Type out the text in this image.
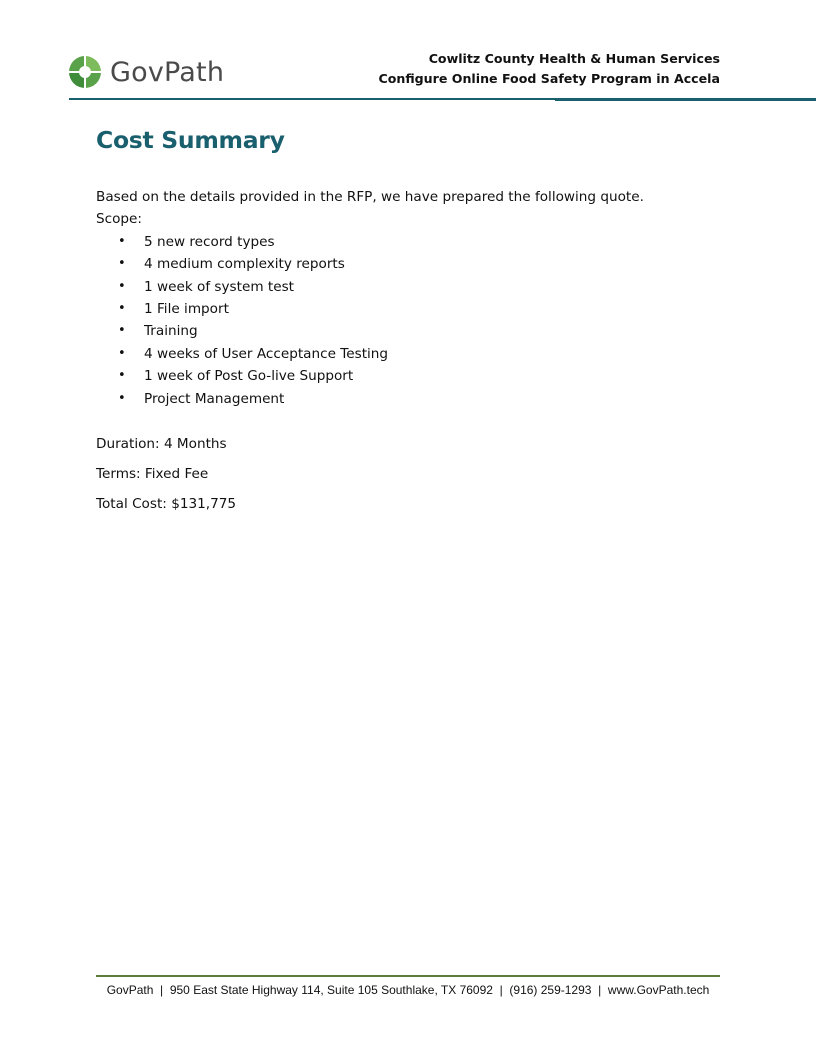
GovPath	Cowlitz County Health & Human Services
Configure Online Food Safety Program in Accela
Cost Summary

Based on the details provided in the RFP, we have prepared the following quote.

Scope:

• 5 new record types
• 4 medium complexity reports
• 1 week of system test
• 1 File import
• Training
• 4 weeks of User Acceptance Testing
• 1 week of Post Go-live Support
• Project Management

Duration: 4 Months

Terms: Fixed Fee

Total Cost: $131,775

GovPath  |  950 East State Highway 114, Suite 105 Southlake, TX 76092  |  (916) 259-1293  |  www.GovPath.tech
